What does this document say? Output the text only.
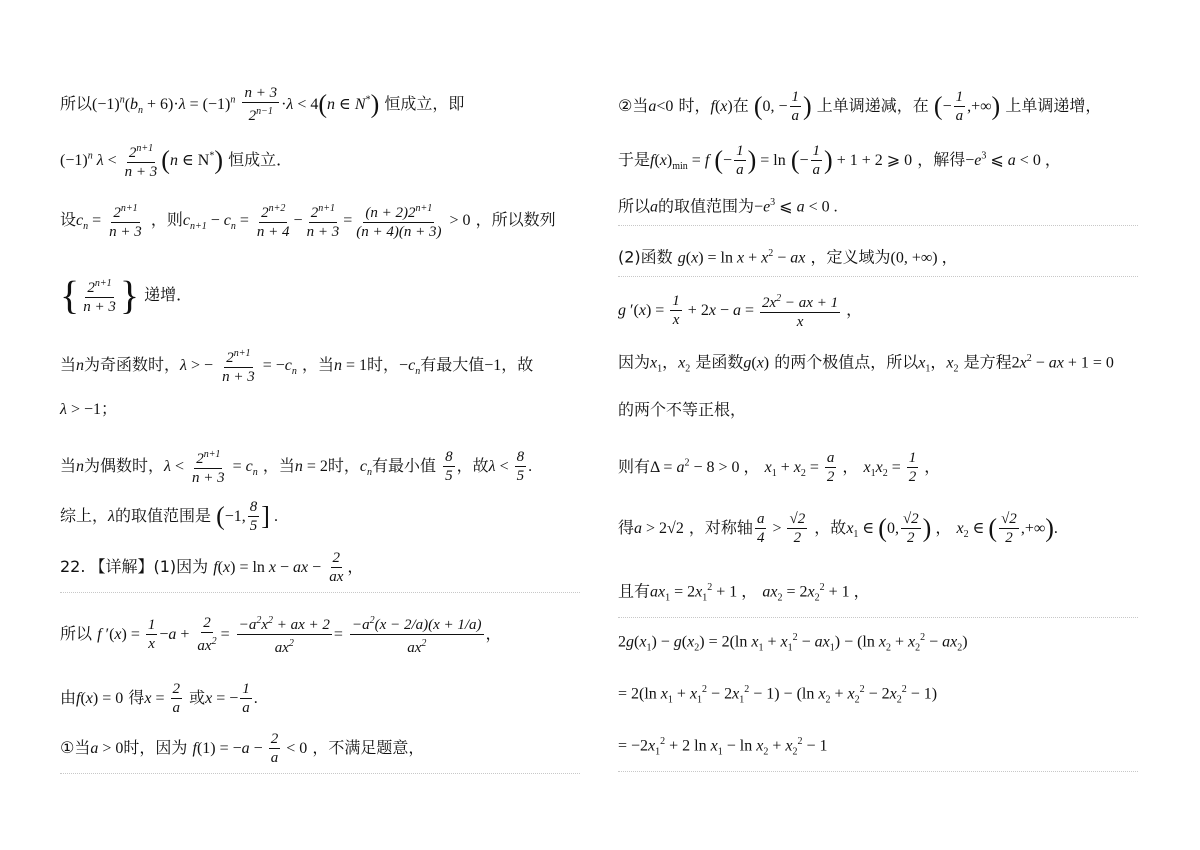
所以$(-1)^n(b_n + 6)\cdot\lambda = (-1)^n \frac{n + 3}{2^{n-1}} \cdot\lambda < 4(n$ ∈ N*) 恒成立，即
$(-1)^n$ $\lambda < \frac{2^{n+1}}{n + 3} (n$ ∈ N*) 恒成立．
设$c_n = \frac{2^{n+1}}{n + 3}$ ，则$c_{n+1} - c_n = \frac{2^{n+2}}{n + 4} - \frac{2^{n+1}}{n + 3} = \frac{(n + 2)2^{n+1}}{(n + 4)(n + 3)} > 0$ ，所以数列
{ $\frac{2^{n+1}}{n + 3}$ } 递增．
当n为奇函数时，λ > − $\frac{2^{n+1}}{n + 3} = -c_n$ ，当n = 1时，$-c_n$有最大值−1，故
λ > −1；
当n为偶数时，$\lambda < \frac{2^{n+1}}{n + 3} = c_n$ ，当n = 2时，$c_n$有最小值 $\frac{8}{5}$ ，故$\lambda < \frac{8}{5}$ .
综上，λ的取值范围是 (−1, $\frac{8}{5}$ ] .
22. 【详解】(1)因为 f(x) = ln x − ax − $\frac{2}{ax}$ ，
所以 f $'(x) = \frac{1}{x} -a + \frac{2}{ax^2} = \frac{-a^2x^2 + ax + 2}{ax^2} = \frac{-a^2(x - 2/a)(x + 1/a)}{ax^2}$ ，
由f(x) = 0 得$x = \frac{2}{a}$ 或x = − $\frac{1}{a}$ .
①当a > 0时，因为 $f(1) = -a - \frac{2}{a} < 0$ ，不满足题意，
②当a<0 时，f(x)在 (0, − $\frac{1}{a}$ ) 上单调递减，在 (− $\frac{1}{a}$ ,+∞) 上单调递增，
于是$f(x)_{min} = f$ (− $\frac{1}{a}$ ) = ln (− $\frac{1}{a}$ ) + 1 + 2 ⩾ 0 ，解得$-e^3$ ⩽ a < 0 ，
所以a的取值范围为$-e^3$ ⩽ a < 0 .
(2)函数 $g(x) = \ln x + x^2$ − ax ，定义域为(0, +∞) ，
g $'(x) = \frac{1}{x} + 2x - a = \frac{2x^2 - ax + 1}{x}$ ，
因为$x_1$，$x_2$ 是函数g(x) 的两个极值点，所以$x_1$，$x_2$ 是方程$2x^2$ − ax + 1 = 0
的两个不等正根，
则有$\Delta = a^2 - 8 > 0$ ， $x_1 + x_2 = \frac{a}{2}$ ， $x_1x_2 = \frac{1}{2}$ ，
得a > 2√2 ，对称轴 $\frac{a}{4} > \frac{√2}{2}$ ，故$x_1$ ∈ (0, $\frac{√2}{2}$ ) ， $x_2$ ∈ ( $\frac{√2}{2}$ ,+∞).
且有$ax_1 = 2x_1^2 + 1$ ， $ax_2 = 2x_2^2 + 1$ ，
$2g(x_1) - g(x_2) = 2(\ln$ $x_1 + x_1^2 - ax_1) - (\ln$ $x_2 + x_2^2 - ax_2$)
= 2(ln $x_1 + x_1^2 - 2x_1^2 - 1) - (\ln$ $x_2 + x_2^2 - 2x_2^2 - 1$)
= $-2x_1^2 + 2$ $\ln x_1 - \ln x_2 + x_2^2 - 1$
